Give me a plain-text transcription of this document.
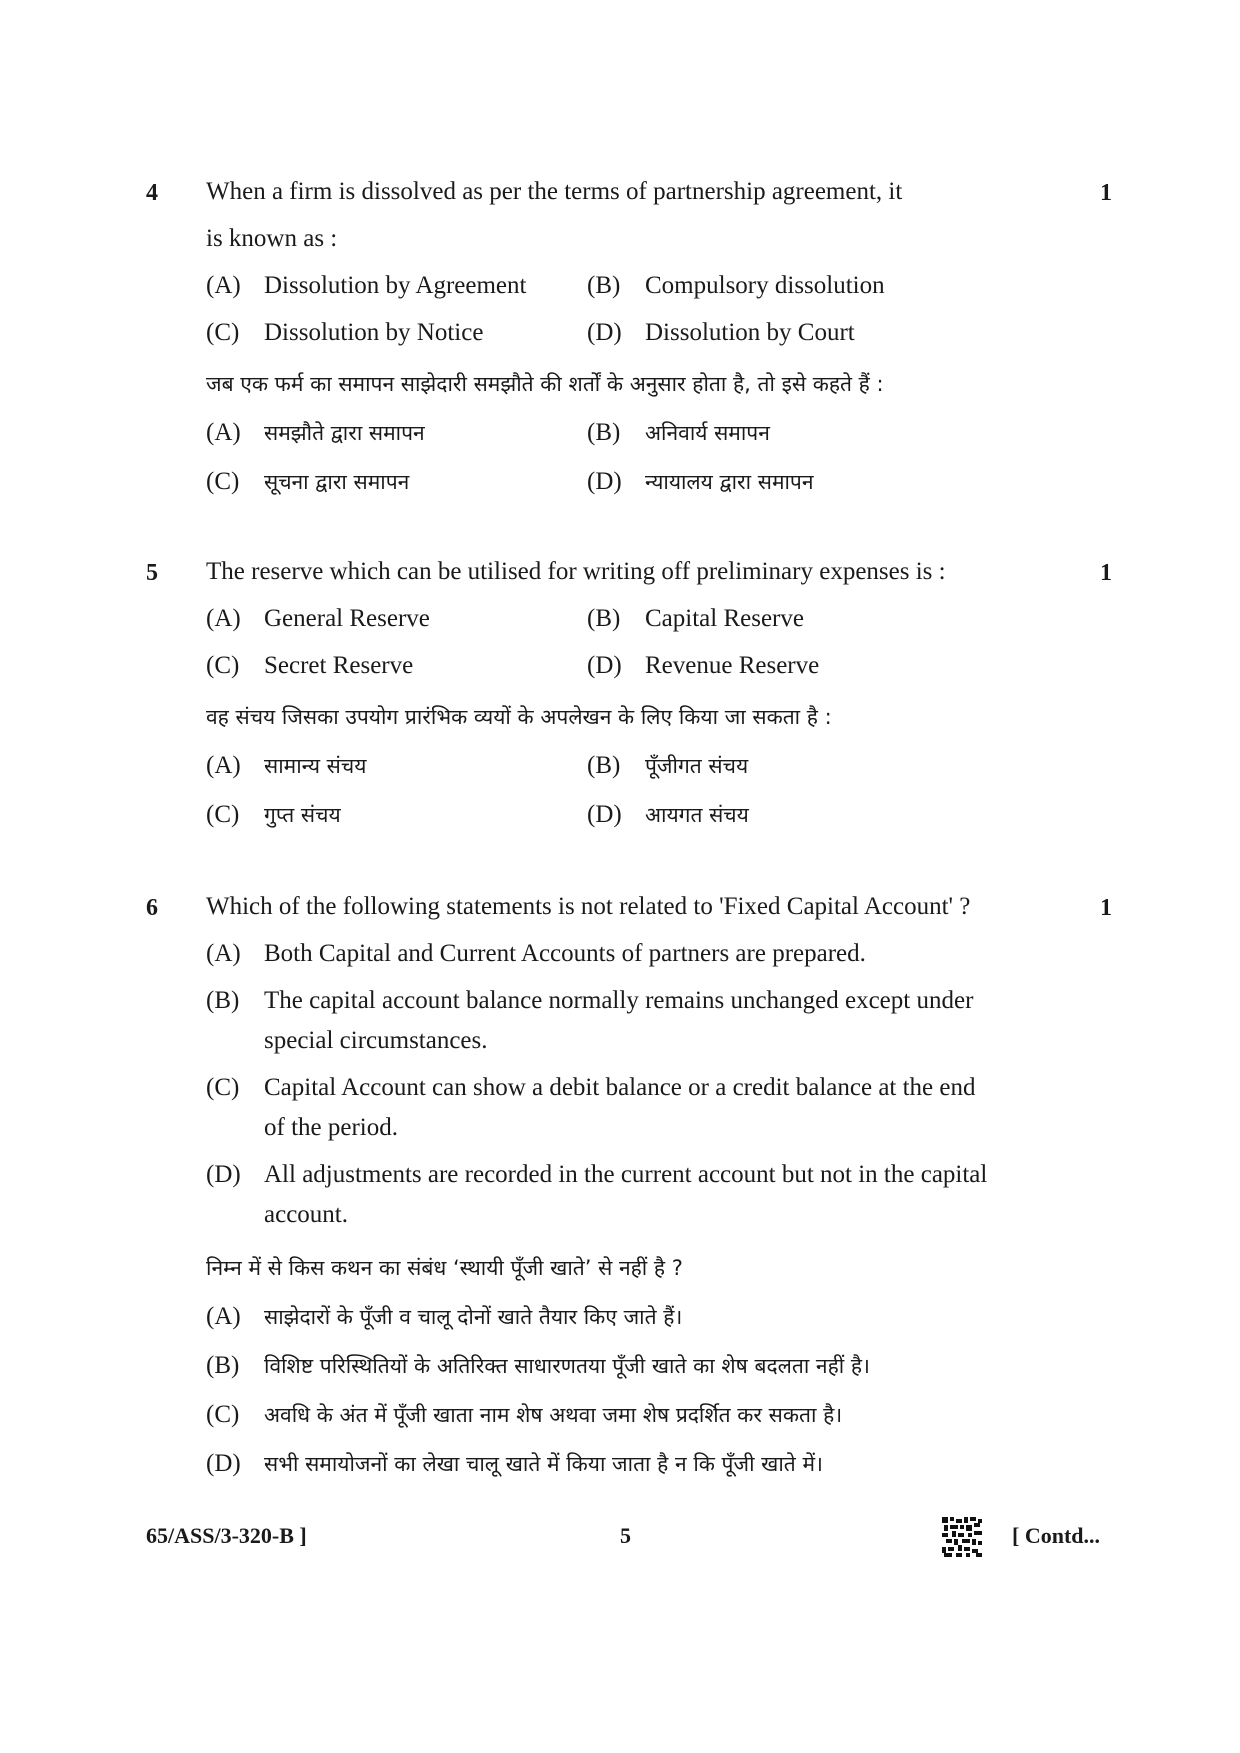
4	1
When a firm is dissolved as per the terms of partnership agreement, it
is known as :
(A) Dissolution by Agreement (B) Compulsory dissolution
(C) Dissolution by Notice	(D) Dissolution by Court
जब एक फर्म का समापन साझेदारी समझौते की शर्तों के अनुसार होता है, तो इसे कहते हैं :
(A) समझौते द्वारा समापन	(B) अनिवार्य समापन
(C) सूचना द्वारा समापन	(D) न्यायालय द्वारा समापन
5	1
The reserve which can be utilised for writing off preliminary expenses is :
(A) General Reserve	(B) Capital Reserve
(C) Secret Reserve	(D) Revenue Reserve
वह संचय जिसका उपयोग प्रारंभिक व्ययों के अपलेखन के लिए किया जा सकता है :
(A) सामान्य संचय	(B) पूँजीगत संचय
(C) गुप्त संचय	(D) आयगत संचय
6	1
Which of the following statements is not related to 'Fixed Capital Account' ?
(A) Both Capital and Current Accounts of partners are prepared.
(B) The capital account balance normally remains unchanged except under
special circumstances.
(C) Capital Account can show a debit balance or a credit balance at the end
of the period.
(D) All adjustments are recorded in the current account but not in the capital
account.
निम्न में से किस कथन का संबंध ‘स्थायी पूँजी खाते’ से नहीं है ?
(A) साझेदारों के पूँजी व चालू दोनों खाते तैयार किए जाते हैं।
(B) विशिष्ट परिस्थितियों के अतिरिक्त साधारणतया पूँजी खाते का शेष बदलता नहीं है।
(C) अवधि के अंत में पूँजी खाता नाम शेष अथवा जमा शेष प्रदर्शित कर सकता है।
(D) सभी समायोजनों का लेखा चालू खाते में किया जाता है न कि पूँजी खाते में।
65/ASS/3-320-B ]	5	[ Contd...
